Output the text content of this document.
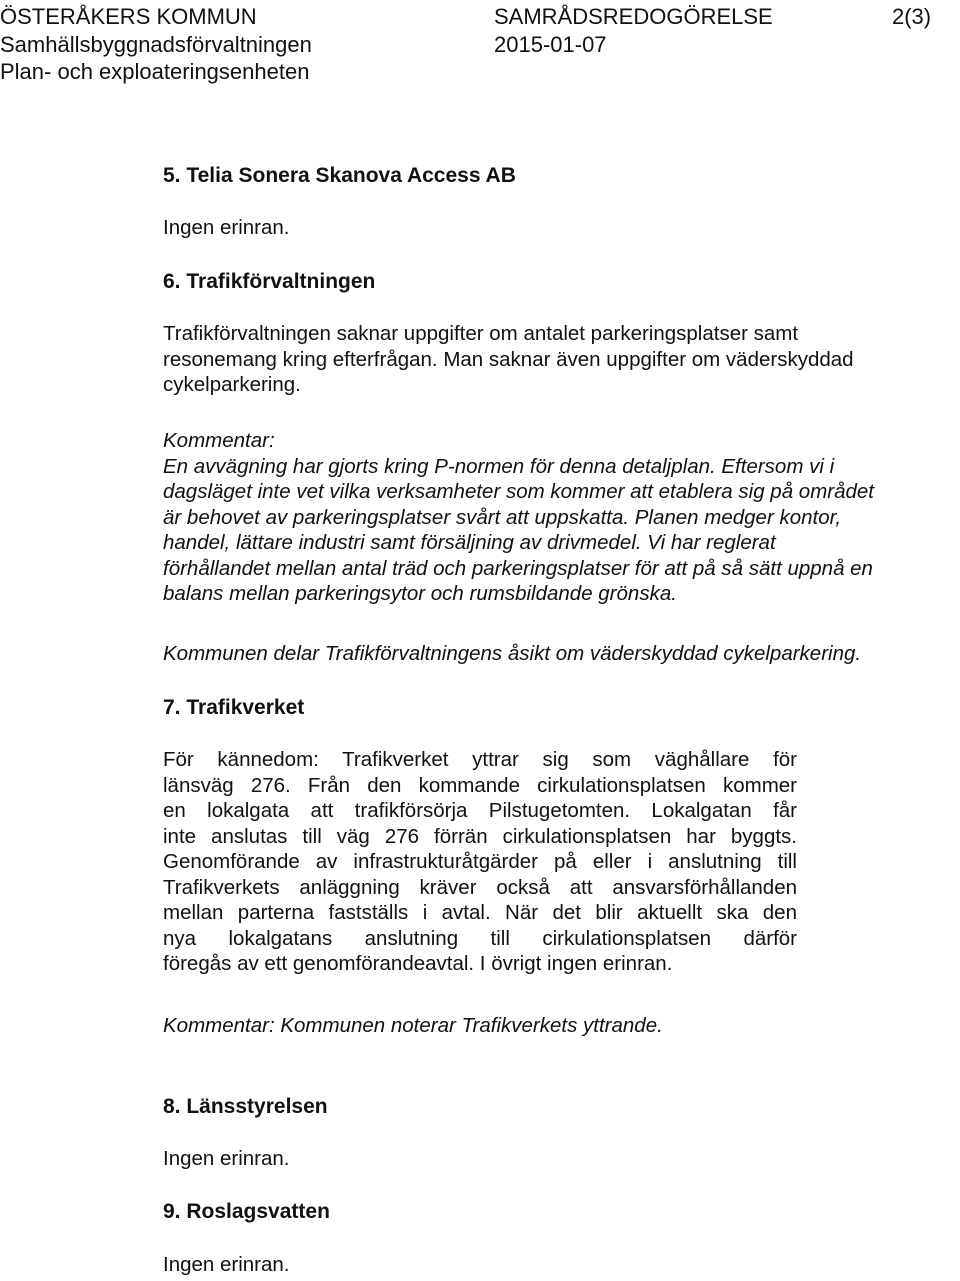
ÖSTERÅKERS KOMMUN
Samhällsbyggnadsförvaltningen
Plan- och exploateringsenheten
SAMRÅDSREDOGÖRELSE
2015-01-07
2(3)
5. Telia Sonera Skanova Access AB
Ingen erinran.
6. Trafikförvaltningen
Trafikförvaltningen saknar uppgifter om antalet parkeringsplatser samt
resonemang kring efterfrågan. Man saknar även uppgifter om väderskyddad
cykelparkering.
Kommentar:
En avvägning har gjorts kring P-normen för denna detaljplan. Eftersom vi i
dagsläget inte vet vilka verksamheter som kommer att etablera sig på området
är behovet av parkeringsplatser svårt att uppskatta. Planen medger kontor,
handel, lättare industri samt försäljning av drivmedel. Vi har reglerat
förhållandet mellan antal träd och parkeringsplatser för att på så sätt uppnå en
balans mellan parkeringsytor och rumsbildande grönska.
Kommunen delar Trafikförvaltningens åsikt om väderskyddad cykelparkering.
7. Trafikverket
För kännedom: Trafikverket yttrar sig som väghållare för
länsväg 276. Från den kommande cirkulationsplatsen kommer
en lokalgata att trafikförsörja Pilstugetomten. Lokalgatan får
inte anslutas till väg 276 förrän cirkulationsplatsen har byggts.
Genomförande av infrastrukturåtgärder på eller i anslutning till
Trafikverkets anläggning kräver också att ansvarsförhållanden
mellan parterna fastställs i avtal. När det blir aktuellt ska den
nya lokalgatans anslutning till cirkulationsplatsen därför
föregås av ett genomförandeavtal. I övrigt ingen erinran.
Kommentar: Kommunen noterar Trafikverkets yttrande.
8. Länsstyrelsen
Ingen erinran.
9. Roslagsvatten
Ingen erinran.
